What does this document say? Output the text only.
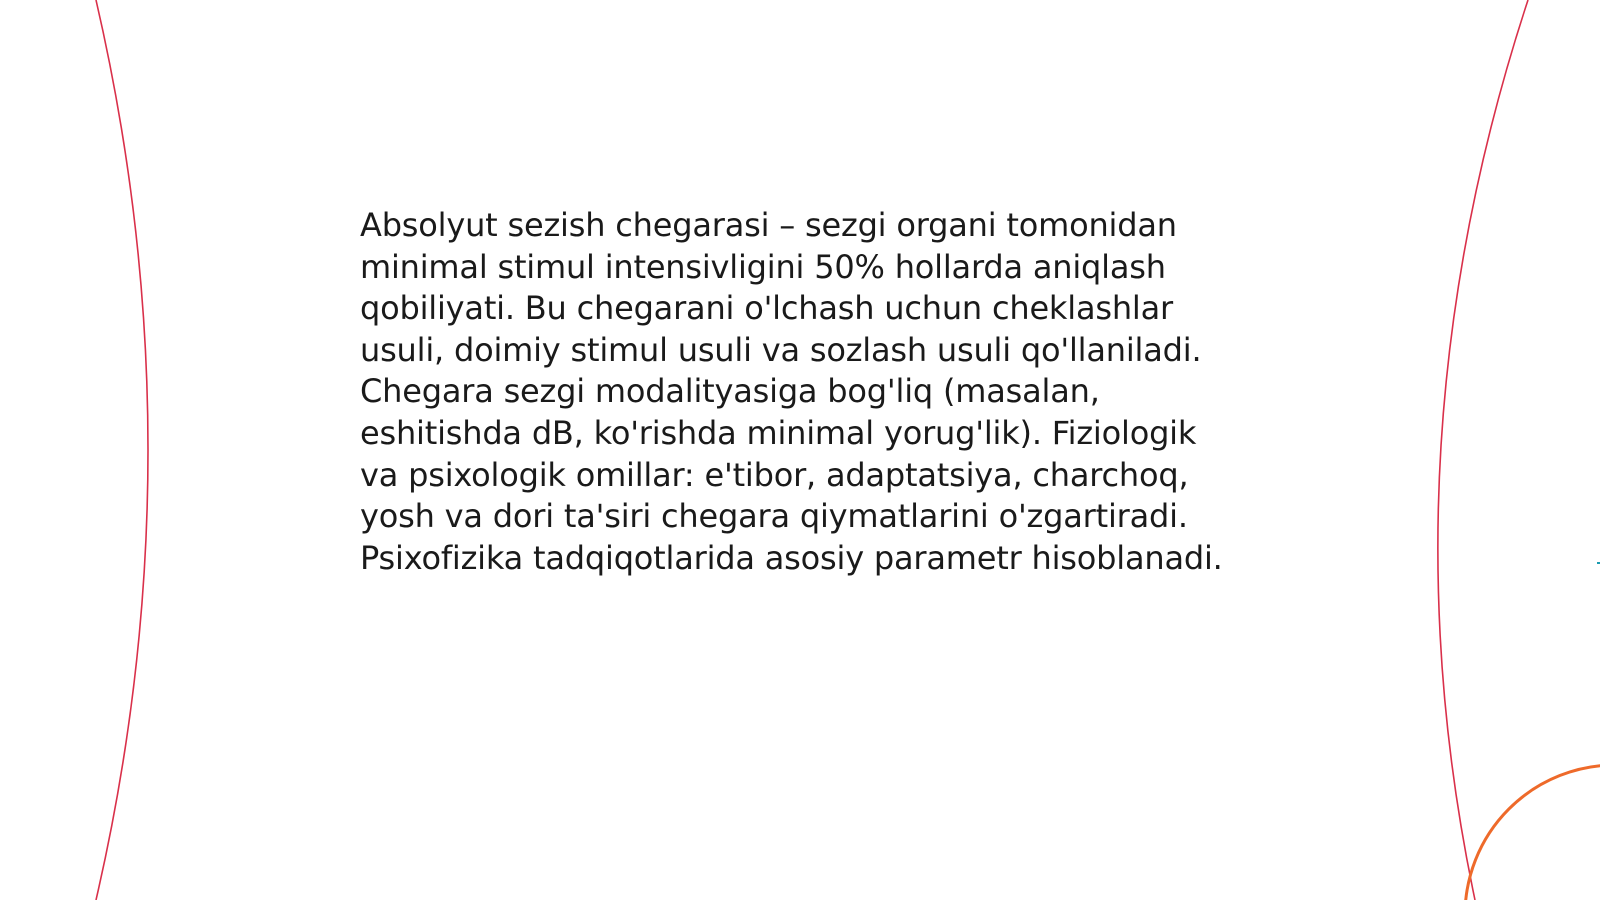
Absolyut sezish chegarasi – sezgi organi tomonidan minimal stimul intensivligini 50% hollarda aniqlash qobiliyati. Bu chegarani o'lchash uchun cheklashlar usuli, doimiy stimul usuli va sozlash usuli qo'llaniladi. Chegara sezgi modalityasiga bog'liq (masalan, eshitishda dB, ko'rishda minimal yorug'lik). Fiziologik va psixologik omillar: e'tibor, adaptatsiya, charchoq, yosh va dori ta'siri chegara qiymatlarini o'zgartiradi. Psixofizika tadqiqotlarida asosiy parametr hisoblanadi.
